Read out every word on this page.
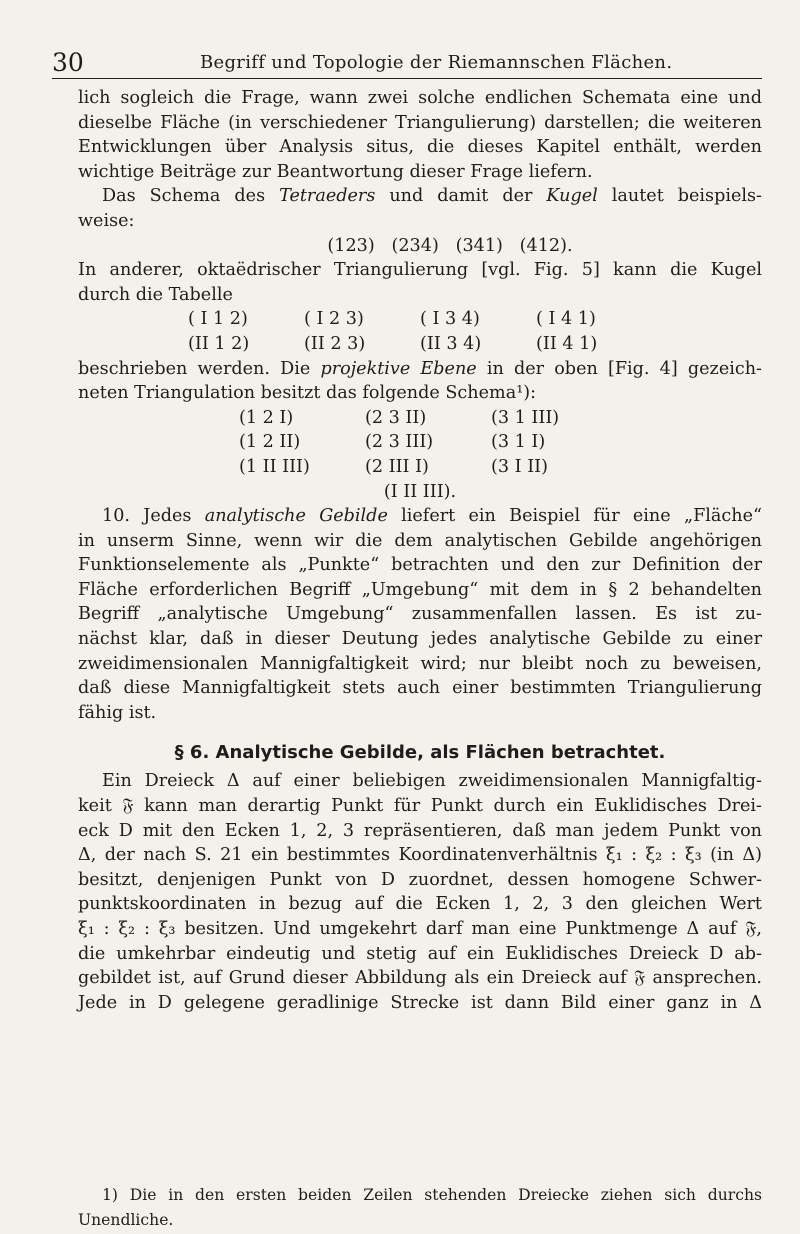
30	Begriff und Topologie der Riemannschen Flächen.
lich sogleich die Frage, wann zwei solche endlichen Schemata eine und
dieselbe Fläche (in verschiedener Triangulierung) darstellen; die weiteren
Entwicklungen über Analysis situs, die dieses Kapitel enthält, werden
wichtige Beiträge zur Beantwortung dieser Frage liefern.
Das Schema des Tetraeders und damit der Kugel lautet beispiels-
weise:
(123)   (234)   (341)   (412).
In anderer, oktaëdrischer Triangulierung [vgl. Fig. 5] kann die Kugel
durch die Tabelle
( I 1 2)	( I 2 3)	( I 3 4)	( I 4 1)
(II 1 2)	(II 2 3)	(II 3 4)	(II 4 1)
beschrieben werden. Die projektive Ebene in der oben [Fig. 4] gezeich-
neten Triangulation besitzt das folgende Schema¹):
(1 2 I)	(2 3 II)	(3 1 III)
(1 2 II)	(2 3 III)	(3 1 I)
(1 II III)	(2 III I)	(3 I II)
(I II III).
10. Jedes analytische Gebilde liefert ein Beispiel für eine „Fläche“
in unserm Sinne, wenn wir die dem analytischen Gebilde angehörigen
Funktionselemente als „Punkte“ betrachten und den zur Definition der
Fläche erforderlichen Begriff „Umgebung“ mit dem in § 2 behandelten
Begriff „analytische Umgebung“ zusammenfallen lassen. Es ist zu-
nächst klar, daß in dieser Deutung jedes analytische Gebilde zu einer
zweidimensionalen Mannigfaltigkeit wird; nur bleibt noch zu beweisen,
daß diese Mannigfaltigkeit stets auch einer bestimmten Triangulierung
fähig ist.
§ 6. Analytische Gebilde, als Flächen betrachtet.
Ein Dreieck Δ auf einer beliebigen zweidimensionalen Mannigfaltig-
keit 𝔉 kann man derartig Punkt für Punkt durch ein Euklidisches Drei-
eck D mit den Ecken 1, 2, 3 repräsentieren, daß man jedem Punkt von
Δ, der nach S. 21 ein bestimmtes Koordinatenverhältnis ξ₁ : ξ₂ : ξ₃ (in Δ)
besitzt, denjenigen Punkt von D zuordnet, dessen homogene Schwer-
punktskoordinaten in bezug auf die Ecken 1, 2, 3 den gleichen Wert
ξ₁ : ξ₂ : ξ₃ besitzen. Und umgekehrt darf man eine Punktmenge Δ auf 𝔉,
die umkehrbar eindeutig und stetig auf ein Euklidisches Dreieck D ab-
gebildet ist, auf Grund dieser Abbildung als ein Dreieck auf 𝔉 ansprechen.
Jede in D gelegene geradlinige Strecke ist dann Bild einer ganz in Δ
1) Die in den ersten beiden Zeilen stehenden Dreiecke ziehen sich durchs
Unendliche.
